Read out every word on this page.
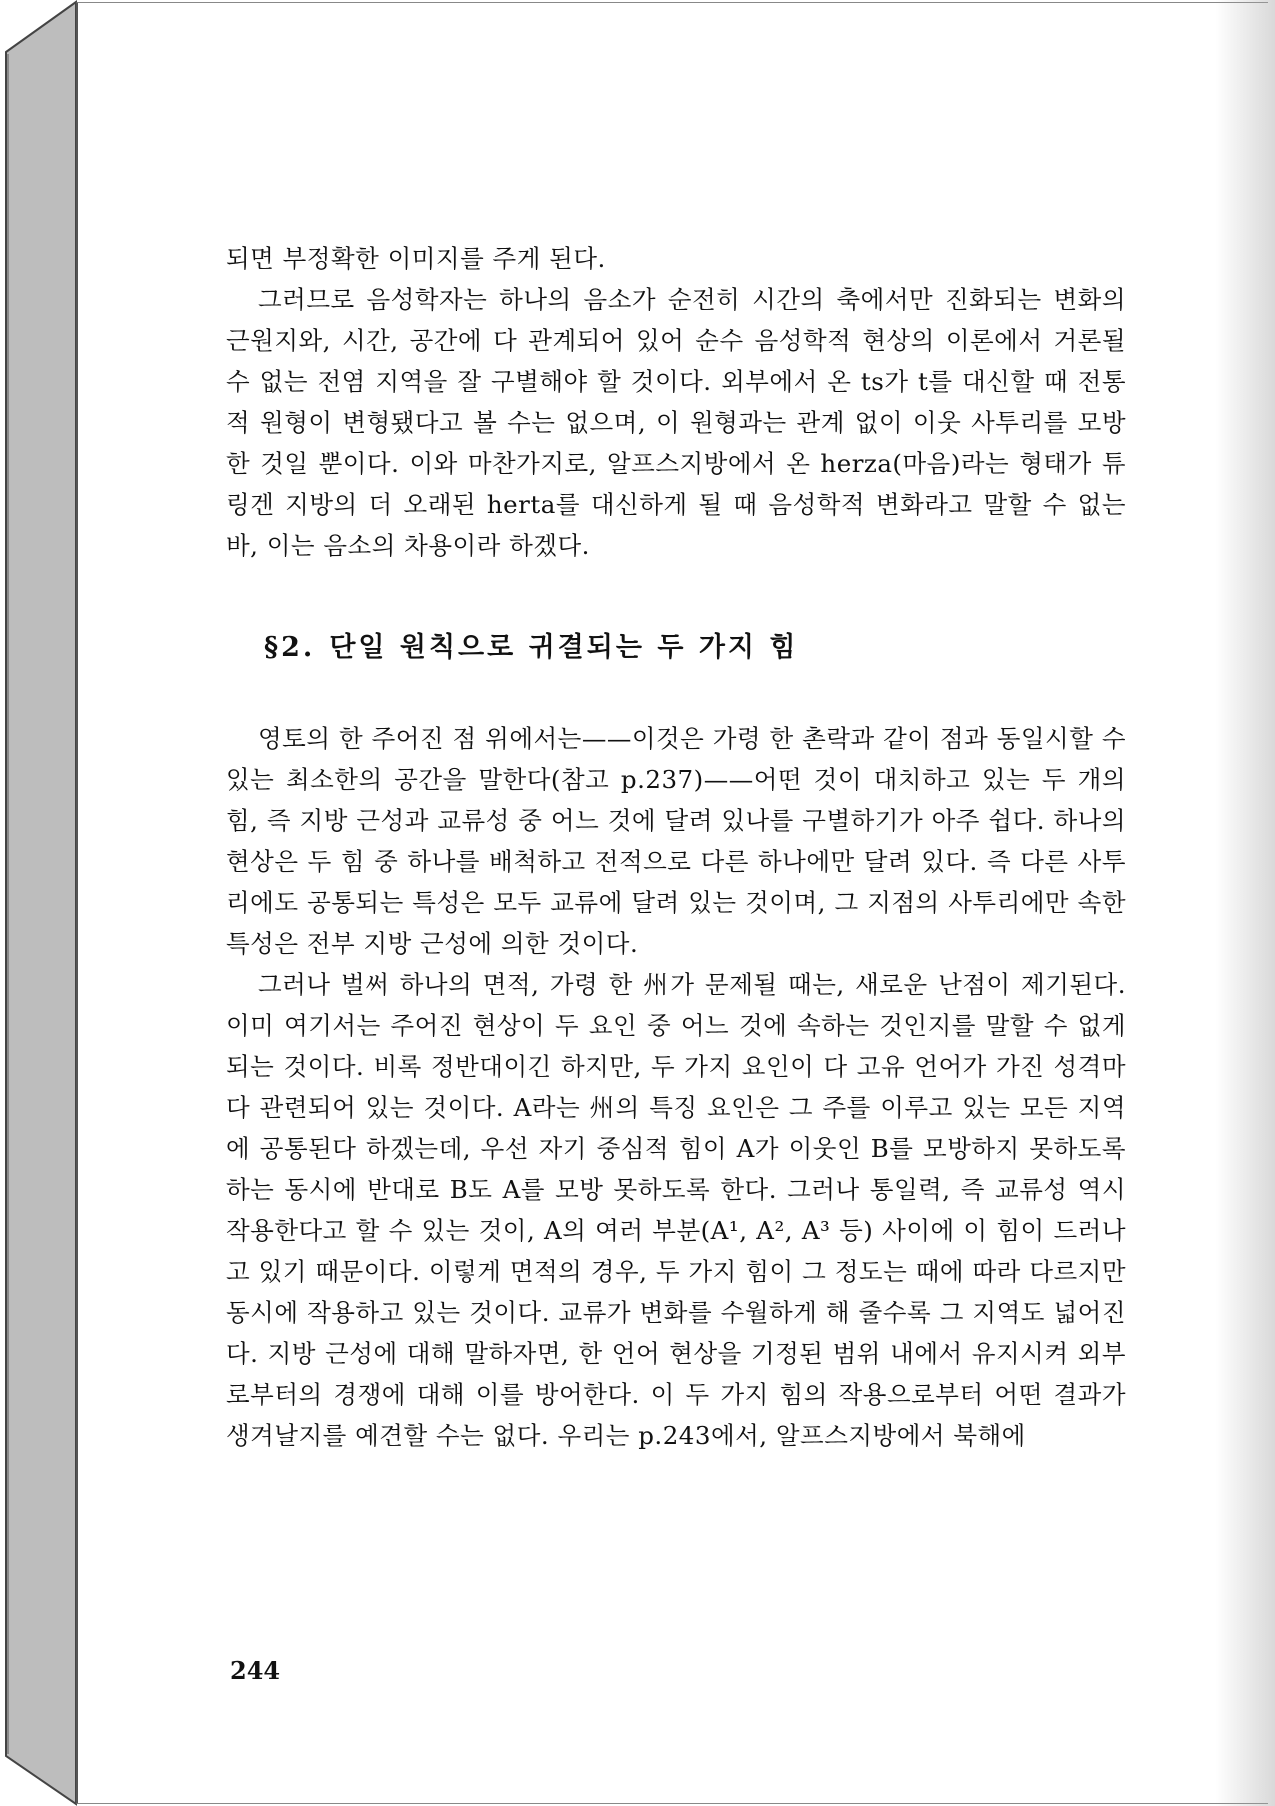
되면 부정확한 이미지를 주게 된다.

그러므로 음성학자는 하나의 음소가 순전히 시간의 축에서만 진화되는 변화의 근원지와, 시간, 공간에 다 관계되어 있어 순수 음성학적 현상의 이론에서 거론될 수 없는 전염 지역을 잘 구별해야 할 것이다. 외부에서 온 ts가 t를 대신할 때 전통적 원형이 변형됐다고 볼 수는 없으며, 이 원형과는 관계 없이 이웃 사투리를 모방한 것일 뿐이다. 이와 마찬가지로, 알프스지방에서 온 herza(마음)라는 형태가 튜링겐 지방의 더 오래된 herta를 대신하게 될 때 음성학적 변화라고 말할 수 없는 바, 이는 음소의 차용이라 하겠다.

§2. 단일 원칙으로 귀결되는 두 가지 힘

영토의 한 주어진 점 위에서는——이것은 가령 한 촌락과 같이 점과 동일시할 수 있는 최소한의 공간을 말한다(참고 p.237)——어떤 것이 대치하고 있는 두 개의 힘, 즉 지방 근성과 교류성 중 어느 것에 달려 있나를 구별하기가 아주 쉽다. 하나의 현상은 두 힘 중 하나를 배척하고 전적으로 다른 하나에만 달려 있다. 즉 다른 사투리에도 공통되는 특성은 모두 교류에 달려 있는 것이며, 그 지점의 사투리에만 속한 특성은 전부 지방 근성에 의한 것이다.

그러나 벌써 하나의 면적, 가령 한 州가 문제될 때는, 새로운 난점이 제기된다. 이미 여기서는 주어진 현상이 두 요인 중 어느 것에 속하는 것인지를 말할 수 없게 되는 것이다. 비록 정반대이긴 하지만, 두 가지 요인이 다 고유 언어가 가진 성격마다 관련되어 있는 것이다. A라는 州의 특징 요인은 그 주를 이루고 있는 모든 지역에 공통된다 하겠는데, 우선 자기 중심적 힘이 A가 이웃인 B를 모방하지 못하도록 하는 동시에 반대로 B도 A를 모방 못하도록 한다. 그러나 통일력, 즉 교류성 역시 작용한다고 할 수 있는 것이, A의 여러 부분(A¹, A², A³ 등) 사이에 이 힘이 드러나고 있기 때문이다. 이렇게 면적의 경우, 두 가지 힘이 그 정도는 때에 따라 다르지만 동시에 작용하고 있는 것이다. 교류가 변화를 수월하게 해 줄수록 그 지역도 넓어진다. 지방 근성에 대해 말하자면, 한 언어 현상을 기정된 범위 내에서 유지시켜 외부로부터의 경쟁에 대해 이를 방어한다. 이 두 가지 힘의 작용으로부터 어떤 결과가 생겨날지를 예견할 수는 없다. 우리는 p.243에서, 알프스지방에서 북해에

244
